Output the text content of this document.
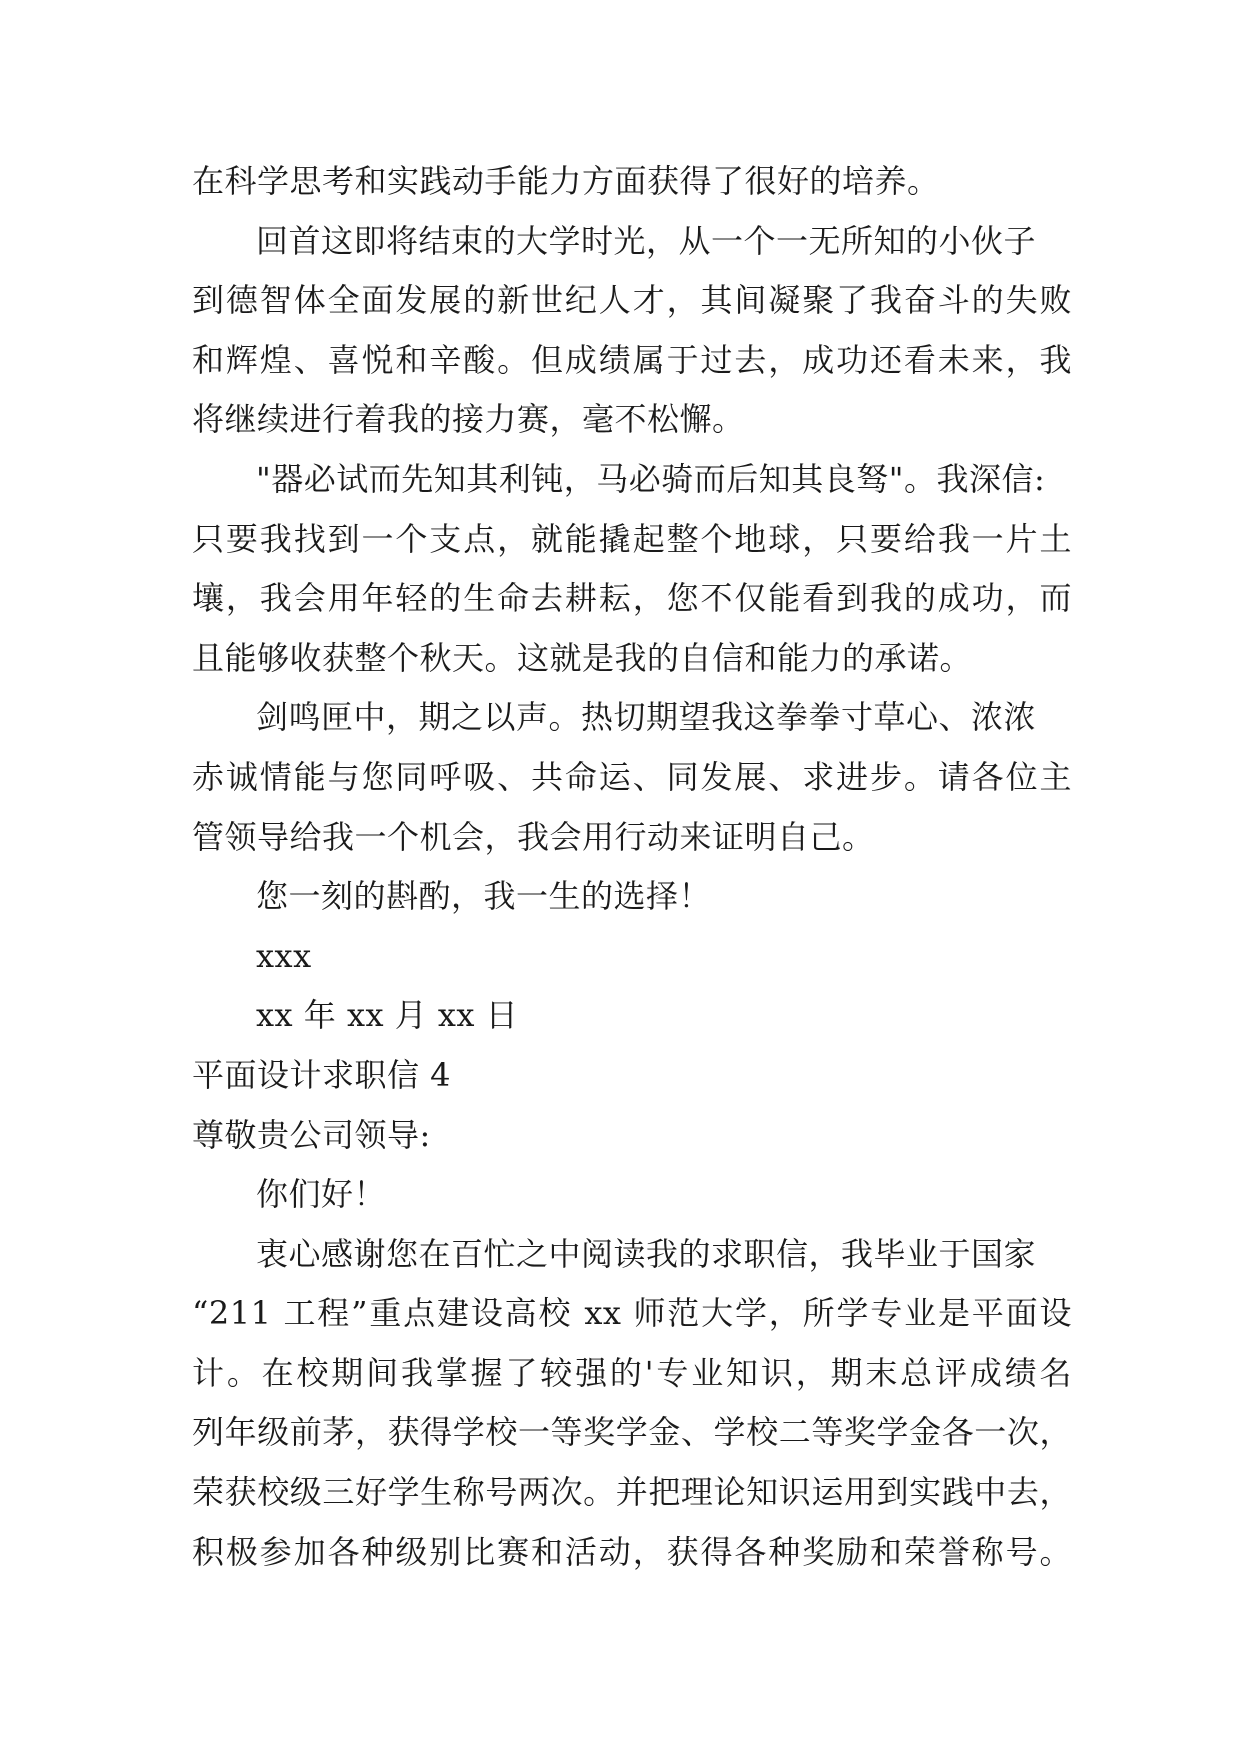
在科学思考和实践动手能力方面获得了很好的培养。
回首这即将结束的大学时光，从一个一无所知的小伙子
到德智体全面发展的新世纪人才，其间凝聚了我奋斗的失败
和辉煌、喜悦和辛酸。但成绩属于过去，成功还看未来，我
将继续进行着我的接力赛，毫不松懈。
"器必试而先知其利钝，马必骑而后知其良驽"。我深信:
只要我找到一个支点，就能撬起整个地球，只要给我一片土
壤，我会用年轻的生命去耕耘，您不仅能看到我的成功，而
且能够收获整个秋天。这就是我的自信和能力的承诺。
剑鸣匣中，期之以声。热切期望我这拳拳寸草心、浓浓
赤诚情能与您同呼吸、共命运、同发展、求进步。请各位主
管领导给我一个机会，我会用行动来证明自己。
您一刻的斟酌，我一生的选择！
xxx
xx 年 xx 月 xx 日
平面设计求职信 4
尊敬贵公司领导:
你们好！
衷心感谢您在百忙之中阅读我的求职信，我毕业于国家
“211 工程”重点建设高校 xx 师范大学，所学专业是平面设
计。在校期间我掌握了较强的'专业知识，期末总评成绩名
列年级前茅，获得学校一等奖学金、学校二等奖学金各一次，
荣获校级三好学生称号两次。并把理论知识运用到实践中去，
积极参加各种级别比赛和活动，获得各种奖励和荣誉称号。
